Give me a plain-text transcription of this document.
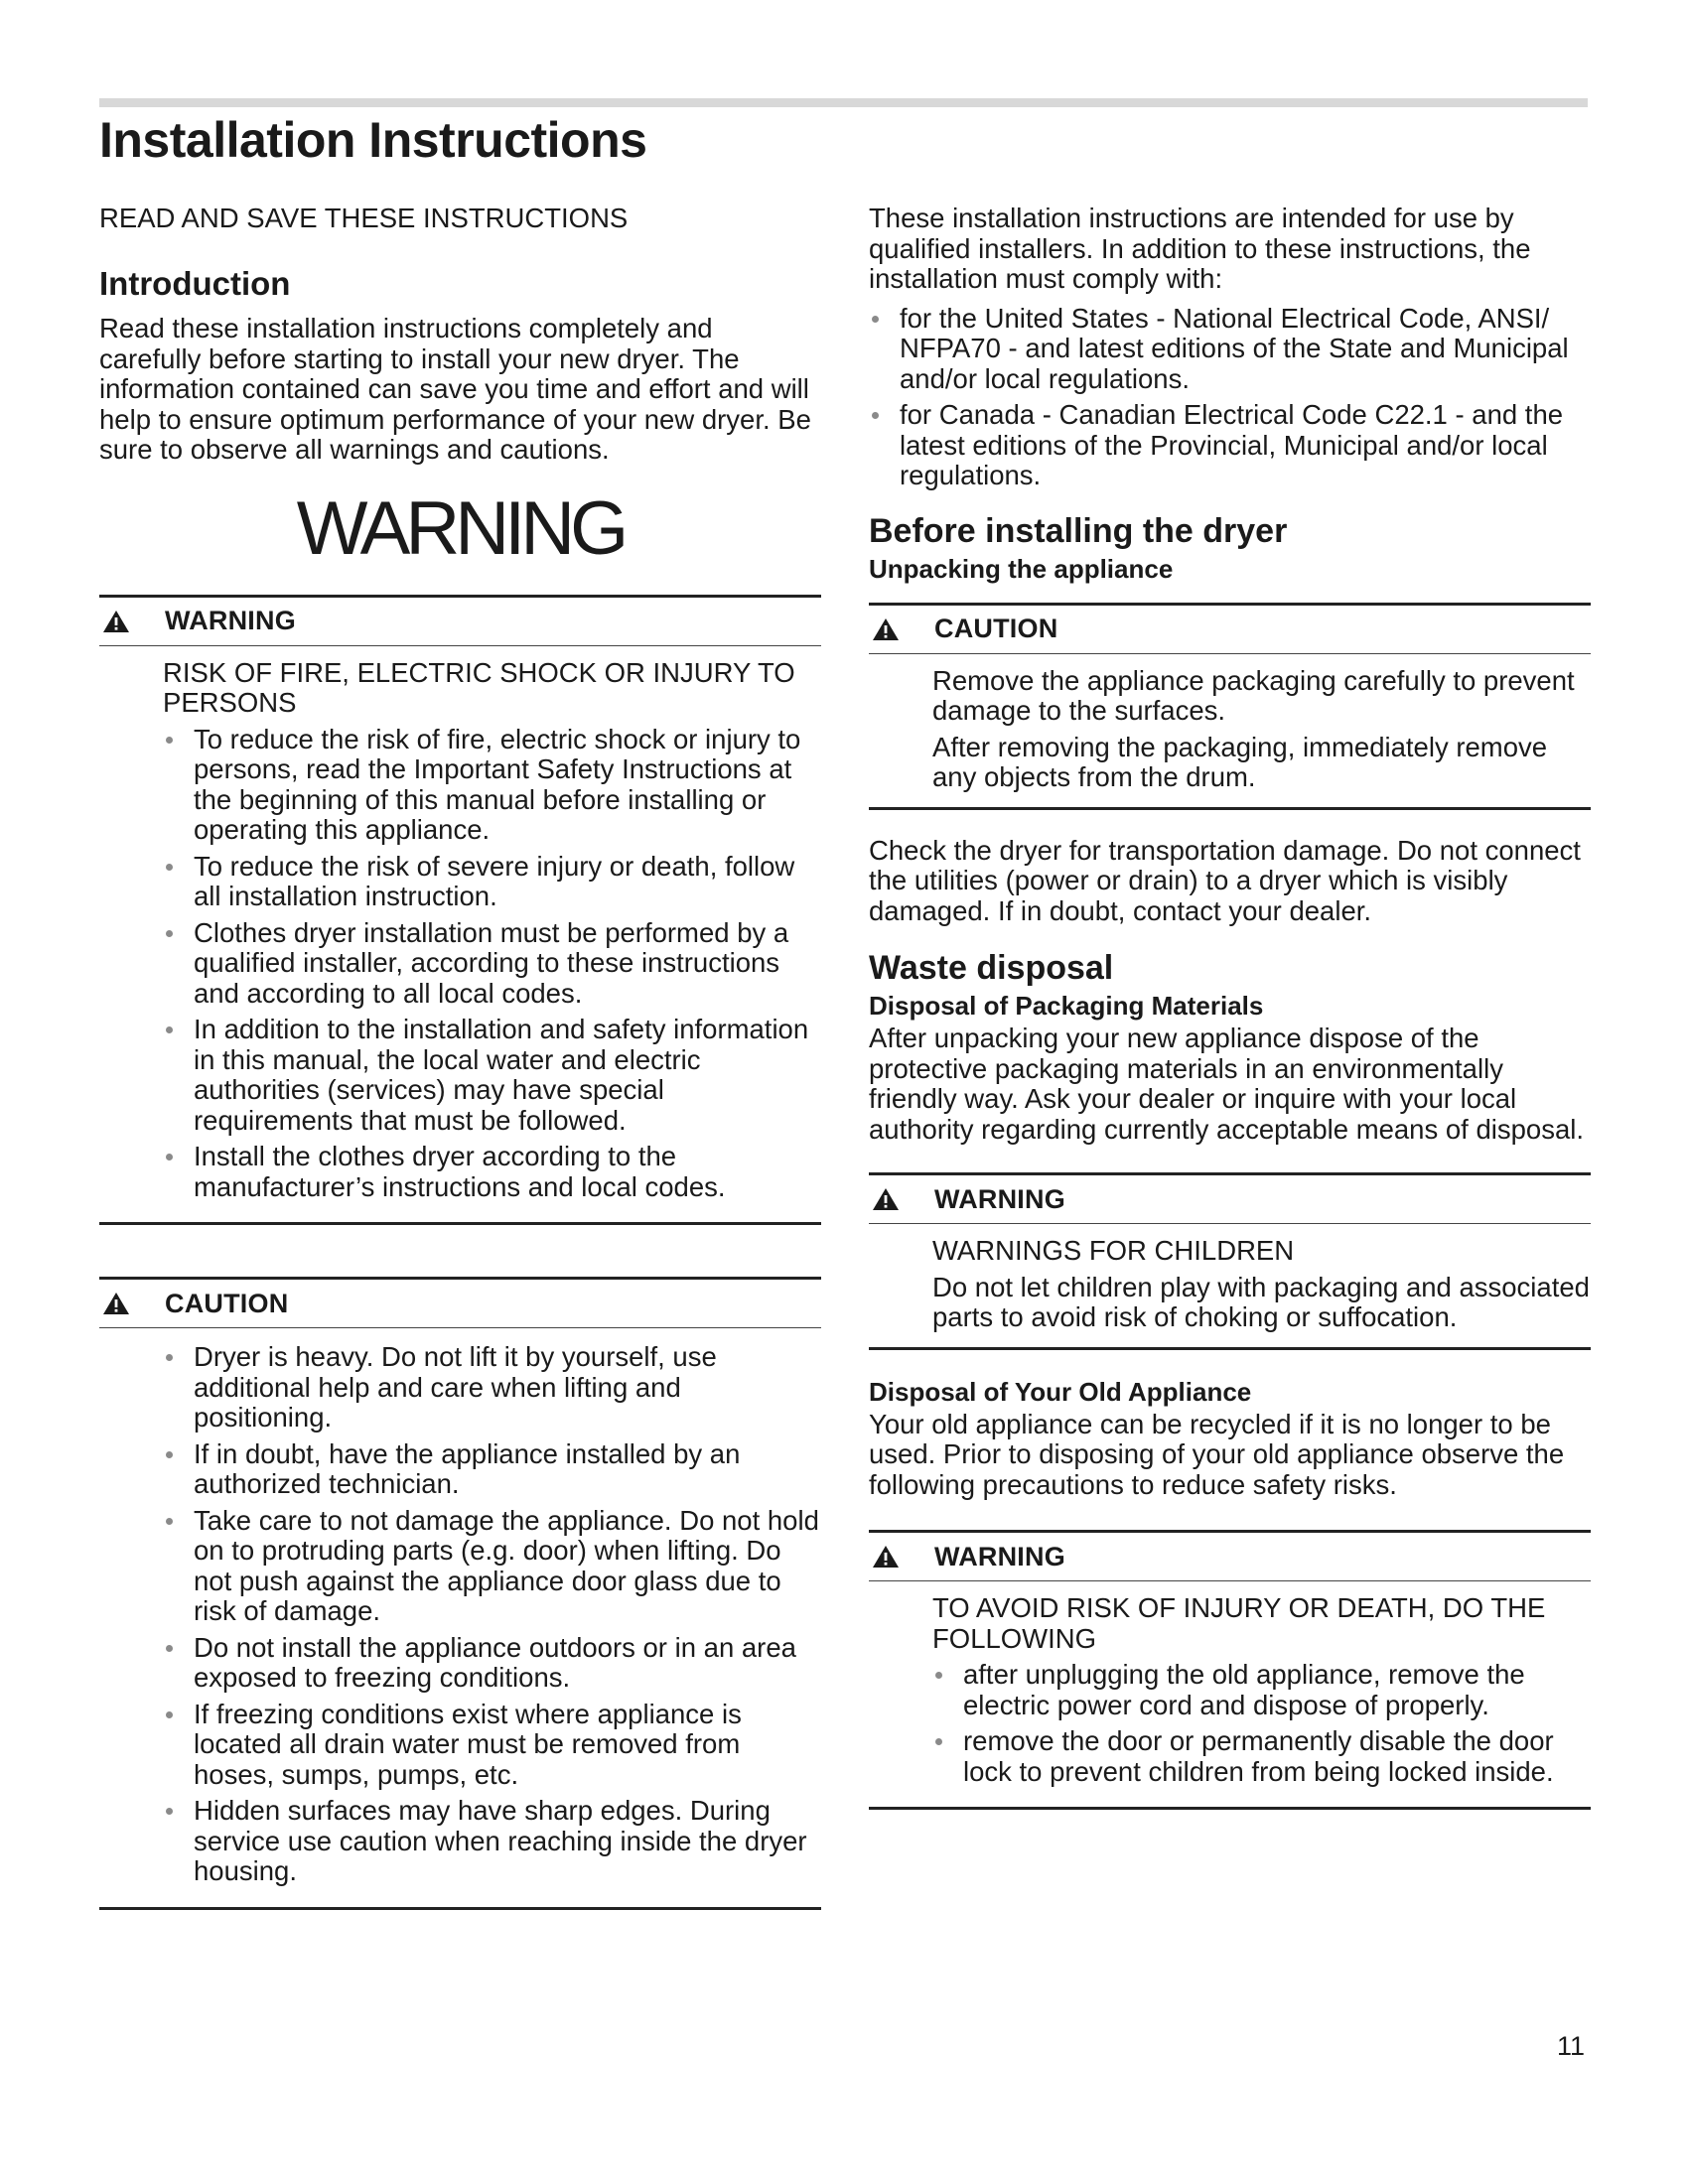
Installation Instructions

READ AND SAVE THESE INSTRUCTIONS

Introduction

Read these installation instructions completely and carefully before starting to install your new dryer. The information contained can save you time and effort and will help to ensure optimum performance of your new dryer. Be sure to observe all warnings and cautions.

WARNING
WARNING

RISK OF FIRE, ELECTRIC SHOCK OR INJURY TO PERSONS

To reduce the risk of fire, electric shock or injury to persons, read the Important Safety Instructions at the beginning of this manual before installing or operating this appliance.
To reduce the risk of severe injury or death, follow all installation instruction.
Clothes dryer installation must be performed by a qualified installer, according to these instructions and according to all local codes.
In addition to the installation and safety information in this manual, the local water and electric authorities (services) may have special requirements that must be followed.
Install the clothes dryer according to the manufacturer’s instructions and local codes.
CAUTION
Dryer is heavy. Do not lift it by yourself, use additional help and care when lifting and positioning.
If in doubt, have the appliance installed by an authorized technician.
Take care to not damage the appliance. Do not hold on to protruding parts (e.g. door) when lifting. Do not push against the appliance door glass due to risk of damage.
Do not install the appliance outdoors or in an area exposed to freezing conditions.
If freezing conditions exist where appliance is located all drain water must be removed from hoses, sumps, pumps, etc.
Hidden surfaces may have sharp edges. During service use caution when reaching inside the dryer housing.

These installation instructions are intended for use by qualified installers. In addition to these instructions, the installation must comply with:

for the United States - National Electrical Code, ANSI/ NFPA70 - and latest editions of the State and Municipal and/or local regulations.
for Canada - Canadian Electrical Code C22.1 - and the latest editions of the Provincial, Municipal and/or local regulations.
Before installing the dryer
Unpacking the appliance
CAUTION

Remove the appliance packaging carefully to prevent damage to the surfaces.

After removing the packaging, immediately remove any objects from the drum.

Check the dryer for transportation damage. Do not connect the utilities (power or drain) to a dryer which is visibly damaged. If in doubt, contact your dealer.

Waste disposal
Disposal of Packaging Materials

After unpacking your new appliance dispose of the protective packaging materials in an environmentally friendly way. Ask your dealer or inquire with your local authority regarding currently acceptable means of disposal.

WARNING

WARNINGS FOR CHILDREN

Do not let children play with packaging and associated parts to avoid risk of choking or suffocation.

Disposal of Your Old Appliance

Your old appliance can be recycled if it is no longer to be used. Prior to disposing of your old appliance observe the following precautions to reduce safety risks.

WARNING

TO AVOID RISK OF INJURY OR DEATH, DO THE FOLLOWING

after unplugging the old appliance, remove the electric power cord and dispose of properly.
remove the door or permanently disable the door lock to prevent children from being locked inside.
11
